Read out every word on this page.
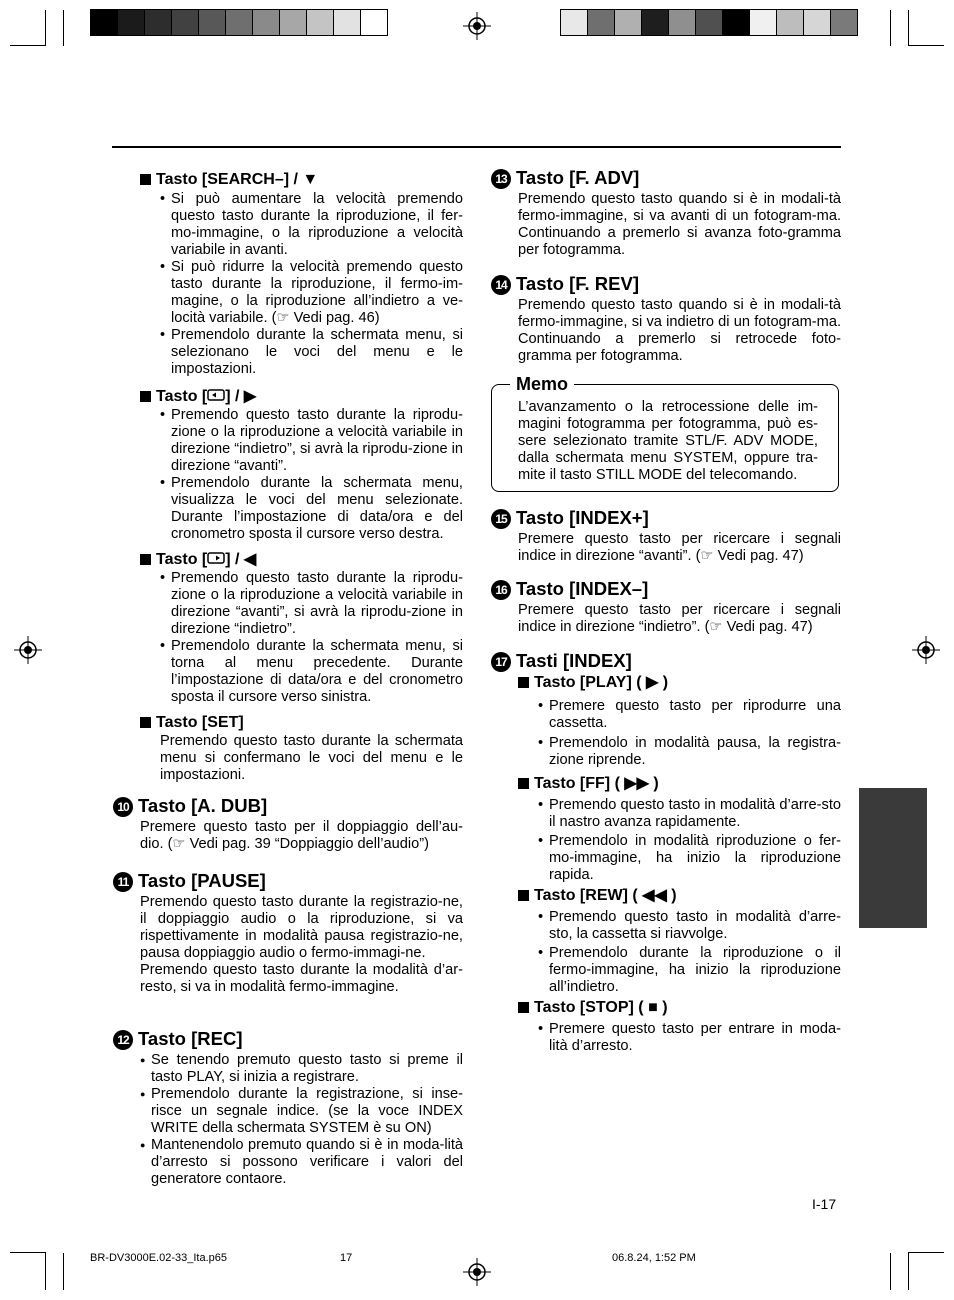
Tasto [SEARCH–] / ▼
• Si può aumentare la velocità premendo questo tasto durante la riproduzione, il fer-mo-immagine, o la riproduzione a velocità variabile in avanti.
• Si può ridurre la velocità premendo questo tasto durante la riproduzione, il fermo-im-magine, o la riproduzione all’indietro a ve-locità variabile. (☞ Vedi pag. 46)
• Premendolo durante la schermata menu, si selezionano le voci del menu e le impostazioni.
Tasto [ ] / ▶
• Premendo questo tasto durante la riprodu-zione o la riproduzione a velocità variabile in direzione “indietro”, si avrà la riprodu-zione in direzione “avanti”.
• Premendolo durante la schermata menu, visualizza le voci del menu selezionate. Durante l’impostazione di data/ora e del cronometro sposta il cursore verso destra.
Tasto [ ] / ◀
• Premendo questo tasto durante la riprodu-zione o la riproduzione a velocità variabile in direzione “avanti”, si avrà la riprodu-zione in direzione “indietro”.
• Premendolo durante la schermata menu, si torna al menu precedente. Durante l’impostazione di data/ora e del cronometro sposta il cursore verso sinistra.
Tasto [SET]
Premendo questo tasto durante la schermata menu si confermano le voci del menu e le impostazioni.
10 Tasto [A. DUB]
Premere questo tasto per il doppiaggio dell’au-dio. (☞ Vedi pag. 39 “Doppiaggio dell’audio”)
11 Tasto [PAUSE]
Premendo questo tasto durante la registrazio-ne, il doppiaggio audio o la riproduzione, si va rispettivamente in modalità pausa registrazio-ne, pausa doppiaggio audio o fermo-immagi-ne.
Premendo questo tasto durante la modalità d’ar-resto, si va in modalità fermo-immagine.
12 Tasto [REC]
● Se tenendo premuto questo tasto si preme il tasto PLAY, si inizia a registrare.
● Premendolo durante la registrazione, si inse-risce un segnale indice. (se la voce INDEX WRITE della schermata SYSTEM è su ON)
● Mantenendolo premuto quando si è in moda-lità d’arresto si possono verificare i valori del generatore contaore.
13 Tasto [F. ADV]
Premendo questo tasto quando si è in modali-tà fermo-immagine, si va avanti di un fotogram-ma. Continuando a premerlo si avanza foto-gramma per fotogramma.
14 Tasto [F. REV]
Premendo questo tasto quando si è in modali-tà fermo-immagine, si va indietro di un fotogram-ma. Continuando a premerlo si retrocede foto-gramma per fotogramma.
Memo
L’avanzamento o la retrocessione delle im-magini fotogramma per fotogramma, può es-sere selezionato tramite STL/F. ADV MODE, dalla schermata menu SYSTEM, oppure tra-mite il tasto STILL MODE del telecomando.
15 Tasto [INDEX+]
Premere questo tasto per ricercare i segnali indice in direzione “avanti”. (☞ Vedi pag. 47)
16 Tasto [INDEX–]
Premere questo tasto per ricercare i segnali indice in direzione “indietro”. (☞ Vedi pag. 47)
17 Tasti [INDEX]
Tasto [PLAY] ( ▶ )
• Premere questo tasto per riprodurre una cassetta.
• Premendolo in modalità pausa, la registra-zione riprende.
Tasto [FF] ( ▶▶ )
• Premendo questo tasto in modalità d’arre-sto il nastro avanza rapidamente.
• Premendolo in modalità riproduzione o fer-mo-immagine, ha inizio la riproduzione rapida.
Tasto [REW] ( ◀◀ )
• Premendo questo tasto in modalità d’arre-sto, la cassetta si riavvolge.
• Premendolo durante la riproduzione o il fermo-immagine, ha inizio la riproduzione all’indietro.
Tasto [STOP] ( ■ )
• Premere questo tasto per entrare in moda-lità d’arresto.
I-17
BR-DV3000E.02-33_Ita.p65	17	06.8.24, 1:52 PM
